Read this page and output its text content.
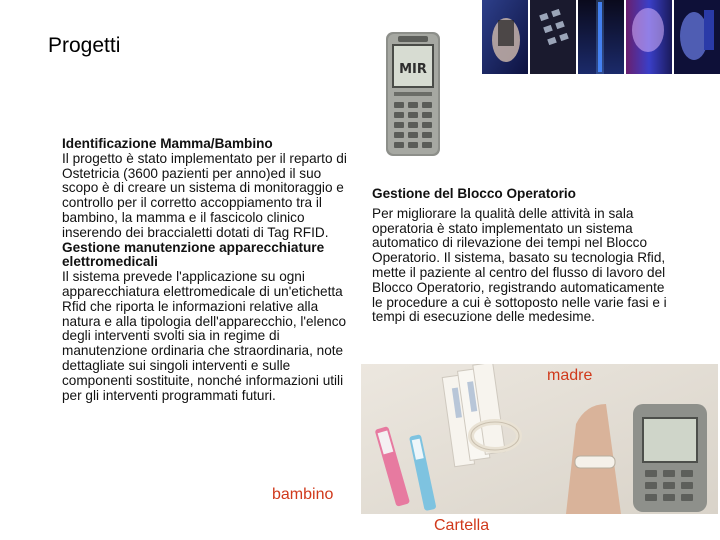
Progetti
MIR
Identificazione Mamma/Bambino
Il progetto è stato implementato per il reparto di Ostetricia (3600 pazienti per anno)ed il suo scopo è di creare un sistema di monitoraggio e controllo per il corretto accoppiamento tra il bambino, la mamma e il fascicolo clinico inserendo dei braccialetti dotati di Tag RFID.
Gestione manutenzione apparecchiature elettromedicali
Il sistema prevede l'applicazione su ogni apparecchiatura elettromedicale di un'etichetta Rfid che riporta le informazioni relative alla natura e alla tipologia dell'apparecchio, l'elenco degli interventi svolti sia in regime di manutenzione ordinaria che straordinaria, note dettagliate sui singoli interventi e sulle componenti sostituite, nonché informazioni utili per gli interventi programmati futuri.
Gestione del Blocco Operatorio
Per migliorare la qualità delle attività in sala operatoria è stato implementato un sistema automatico di rilevazione dei tempi nel Blocco Operatorio. Il sistema, basato su tecnologia Rfid, mette il paziente al centro del flusso di lavoro del Blocco Operatorio, registrando automaticamente le procedure a cui è sottoposto nelle varie fasi e i tempi di esecuzione delle medesime.
madre
bambino
Cartella
